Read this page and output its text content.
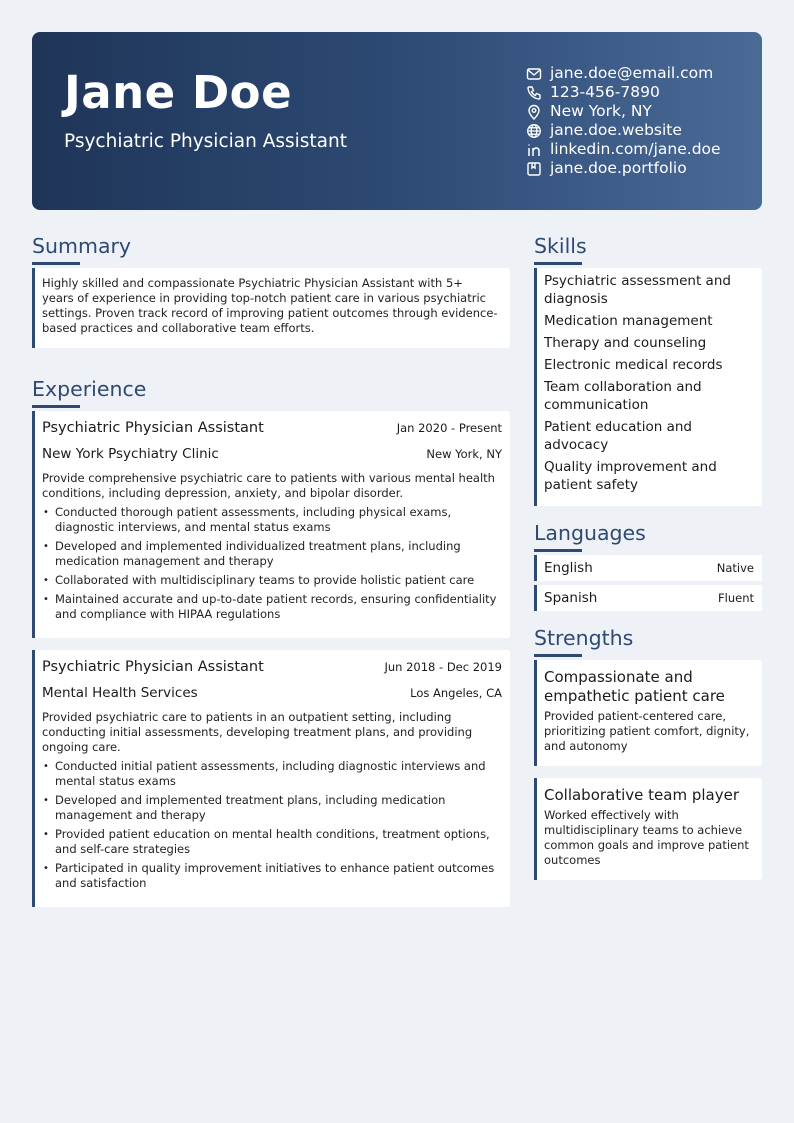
Jane Doe
Psychiatric Physician Assistant
jane.doe@email.com
123-456-7890
New York, NY
jane.doe.website
linkedin.com/jane.doe
jane.doe.portfolio
Summary
Highly skilled and compassionate Psychiatric Physician Assistant with 5+ years of experience in providing top-notch patient care in various psychiatric settings. Proven track record of improving patient outcomes through evidence-based practices and collaborative team efforts.
Experience
Psychiatric Physician Assistant	Jan 2020 - Present
New York Psychiatry Clinic	New York, NY
Provide comprehensive psychiatric care to patients with various mental health conditions, including depression, anxiety, and bipolar disorder.
• Conducted thorough patient assessments, including physical exams, diagnostic interviews, and mental status exams
• Developed and implemented individualized treatment plans, including medication management and therapy
• Collaborated with multidisciplinary teams to provide holistic patient care
• Maintained accurate and up-to-date patient records, ensuring confidentiality and compliance with HIPAA regulations
Psychiatric Physician Assistant	Jun 2018 - Dec 2019
Mental Health Services	Los Angeles, CA
Provided psychiatric care to patients in an outpatient setting, including conducting initial assessments, developing treatment plans, and providing ongoing care.
• Conducted initial patient assessments, including diagnostic interviews and mental status exams
• Developed and implemented treatment plans, including medication management and therapy
• Provided patient education on mental health conditions, treatment options, and self-care strategies
• Participated in quality improvement initiatives to enhance patient outcomes and satisfaction
Skills
Psychiatric assessment and diagnosis
Medication management
Therapy and counseling
Electronic medical records
Team collaboration and communication
Patient education and advocacy
Quality improvement and patient safety
Languages
English	Native
Spanish	Fluent
Strengths
Compassionate and empathetic patient care
Provided patient-centered care, prioritizing patient comfort, dignity, and autonomy
Collaborative team player
Worked effectively with multidisciplinary teams to achieve common goals and improve patient outcomes
